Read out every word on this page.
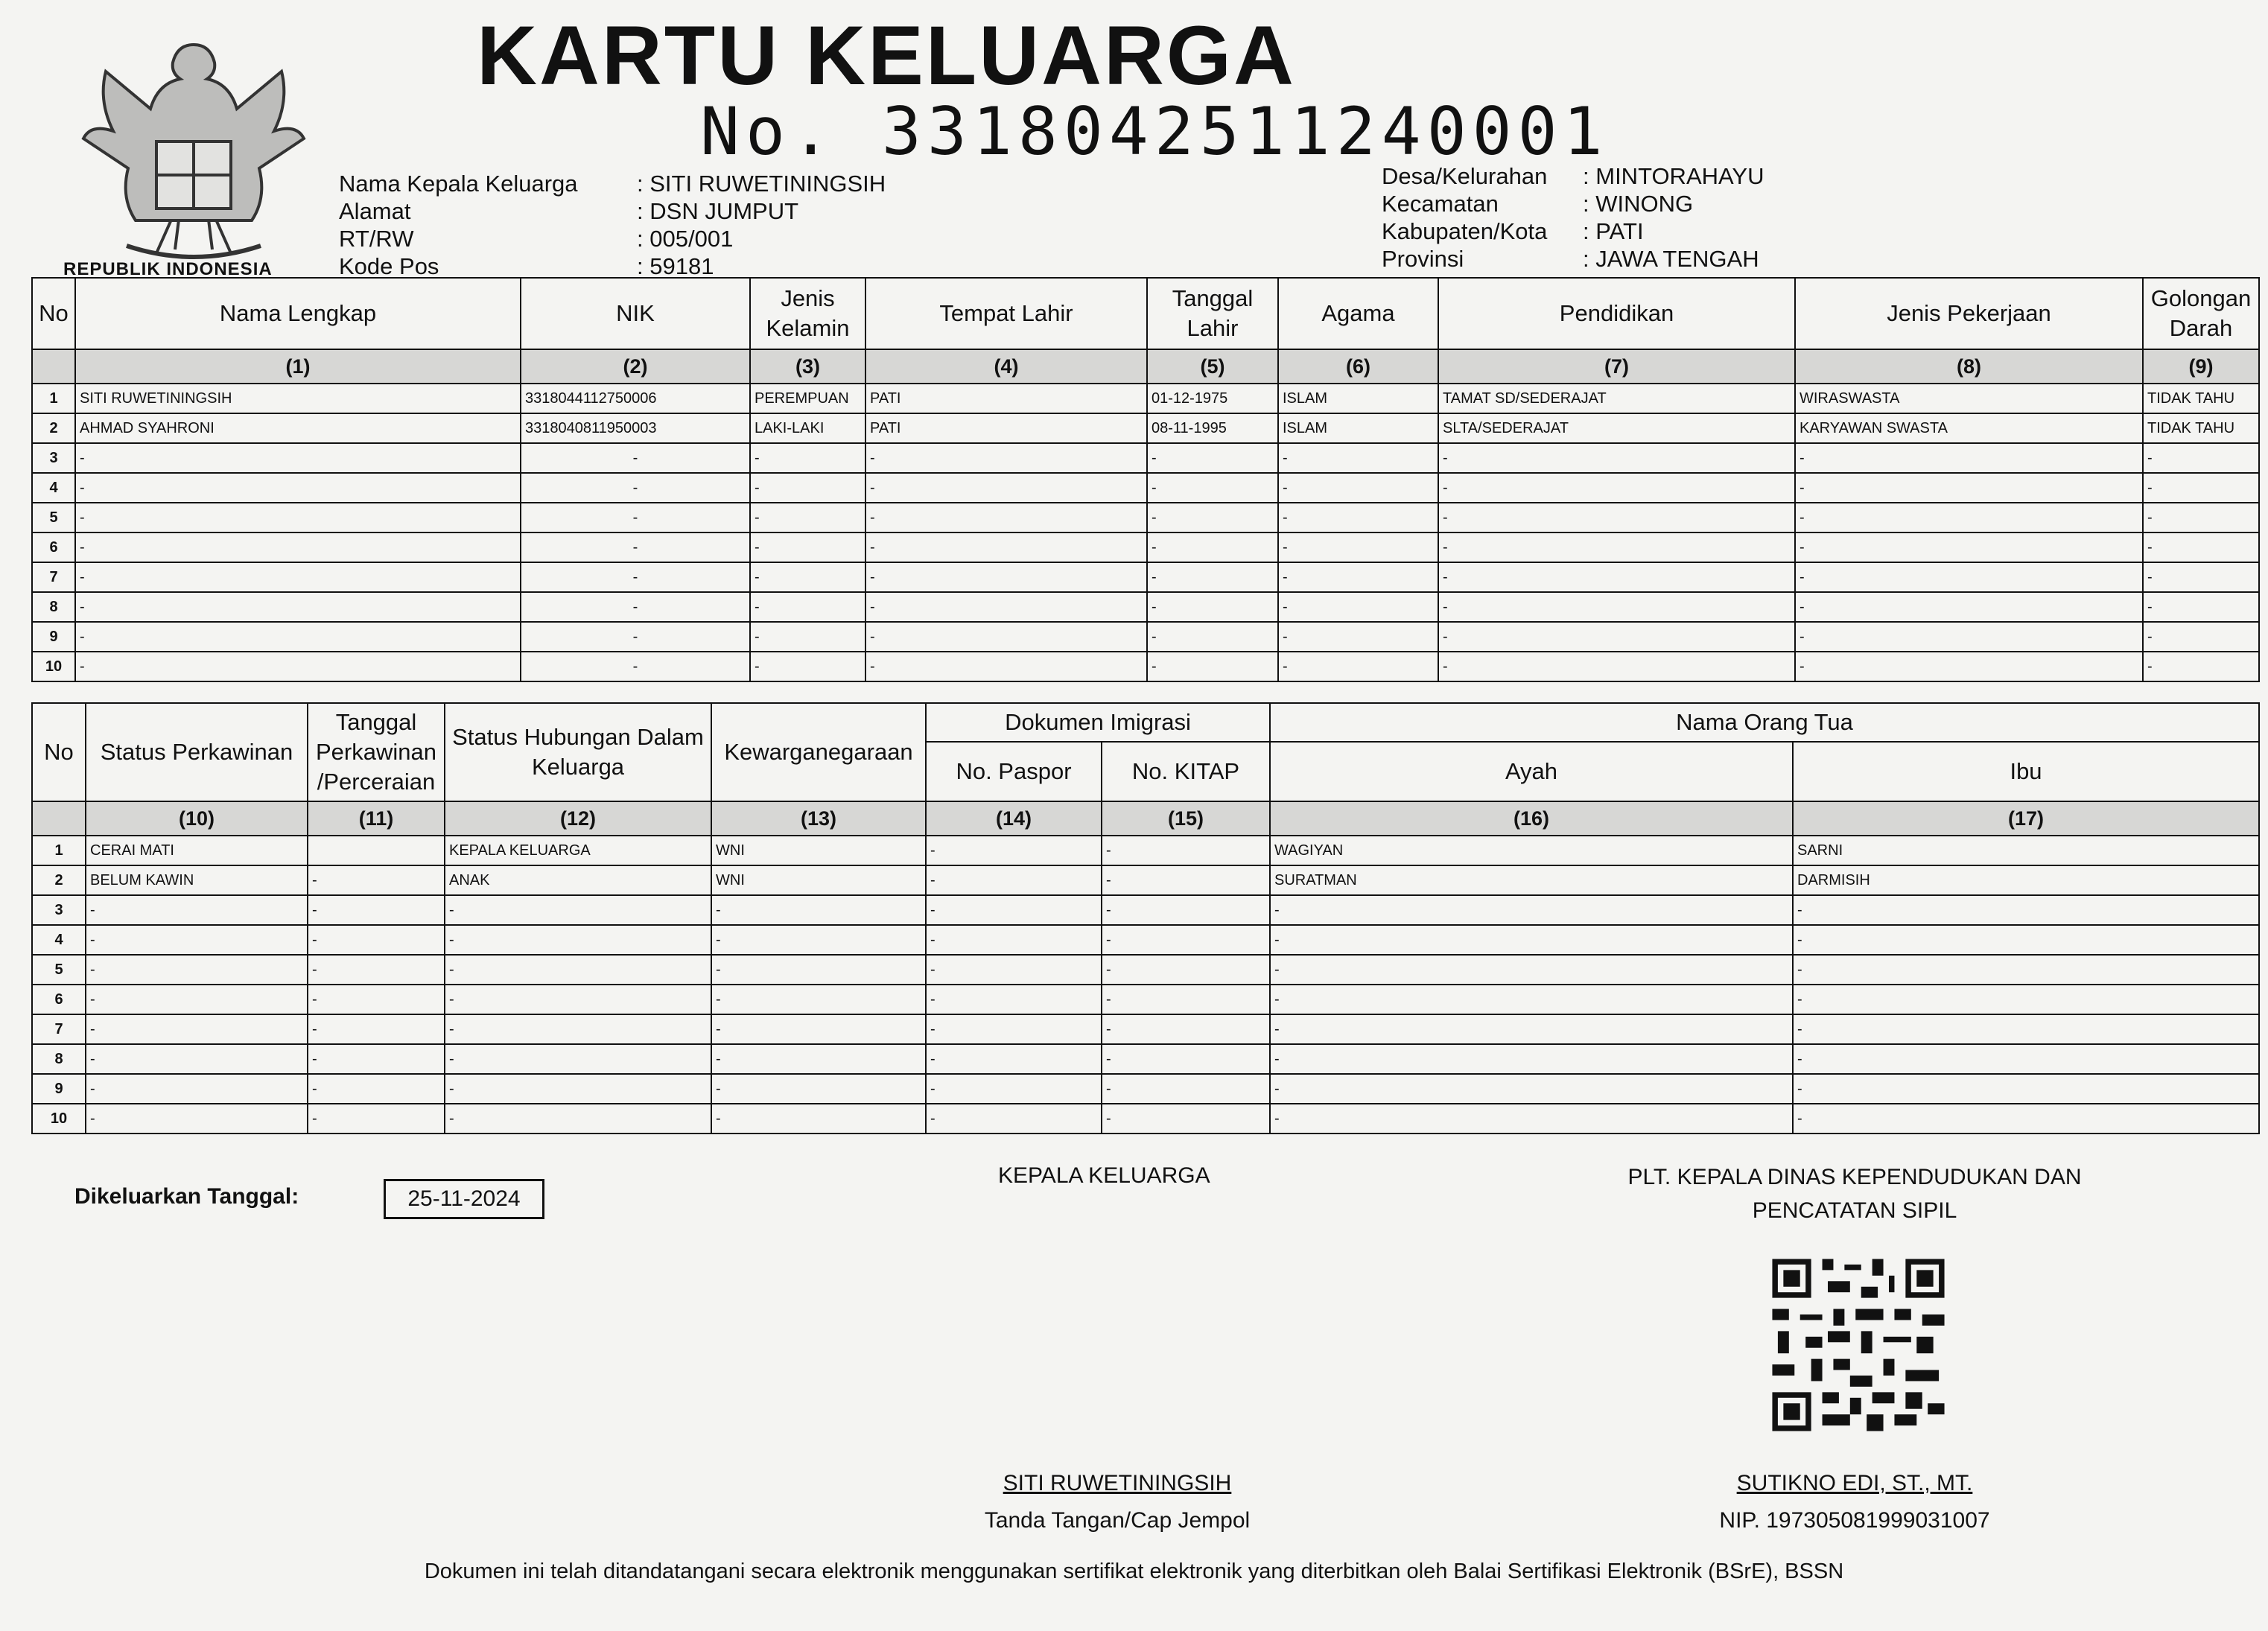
REPUBLIK INDONESIA
KARTU KELUARGA
No. 3318042511240001
Nama Kepala Keluarga	: SITI RUWETININGSIH
Alamat	: DSN JUMPUT
RT/RW	: 005/001
Kode Pos	: 59181
Desa/Kelurahan : MINTORAHAYU
Kecamatan	: WINONG
Kabupaten/Kota : PATI
Provinsi	: JAWA TENGAH
No	Nama Lengkap	NIK	Jenis Kelamin	Tempat Lahir	Tanggal Lahir	Agama	Pendidikan	Jenis Pekerjaan	Golongan Darah
	(1)	(2)	(3)	(4)	(5)	(6)	(7)	(8)	(9)
1	SITI RUWETININGSIH	3318044112750006	PEREMPUAN	PATI	01-12-1975	ISLAM	TAMAT SD/SEDERAJAT	WIRASWASTA	TIDAK TAHU
2	AHMAD SYAHRONI	3318040811950003	LAKI-LAKI	PATI	08-11-1995	ISLAM	SLTA/SEDERAJAT	KARYAWAN SWASTA	TIDAK TAHU
3	-	-	-	-	-	-	-	-	-
4	-	-	-	-	-	-	-	-	-
5	-	-	-	-	-	-	-	-	-
6	-	-	-	-	-	-	-	-	-
7	-	-	-	-	-	-	-	-	-
8	-	-	-	-	-	-	-	-	-
9	-	-	-	-	-	-	-	-	-
10	-	-	-	-	-	-	-	-	-
No	Status Perkawinan	Tanggal Perkawinan /Perceraian	Status Hubungan Dalam Keluarga	Kewarganegaraan	Dokumen Imigrasi		Nama Orang Tua	
					No. Paspor	No. KITAP	Ayah	Ibu
	(10)	(11)	(12)	(13)	(14)	(15)	(16)	(17)
1	CERAI MATI		KEPALA KELUARGA	WNI	-	-	WAGIYAN	SARNI
2	BELUM KAWIN	-	ANAK	WNI	-	-	SURATMAN	DARMISIH
3	-	-	-	-	-	-	-	-
4	-	-	-	-	-	-	-	-
5	-	-	-	-	-	-	-	-
6	-	-	-	-	-	-	-	-
7	-	-	-	-	-	-	-	-
8	-	-	-	-	-	-	-	-
9	-	-	-	-	-	-	-	-
10	-	-	-	-	-	-	-	-
Dikeluarkan Tanggal:	25-11-2024
KEPALA KELUARGA	PLT. KEPALA DINAS KEPENDUDUKAN DAN
PENCATATAN SIPIL
SITI RUWETININGSIH
Tanda Tangan/Cap Jempol
SUTIKNO EDI, ST., MT.
NIP. 197305081999031007
Dokumen ini telah ditandatangani secara elektronik menggunakan sertifikat elektronik yang diterbitkan oleh Balai Sertifikasi Elektronik (BSrE), BSSN
